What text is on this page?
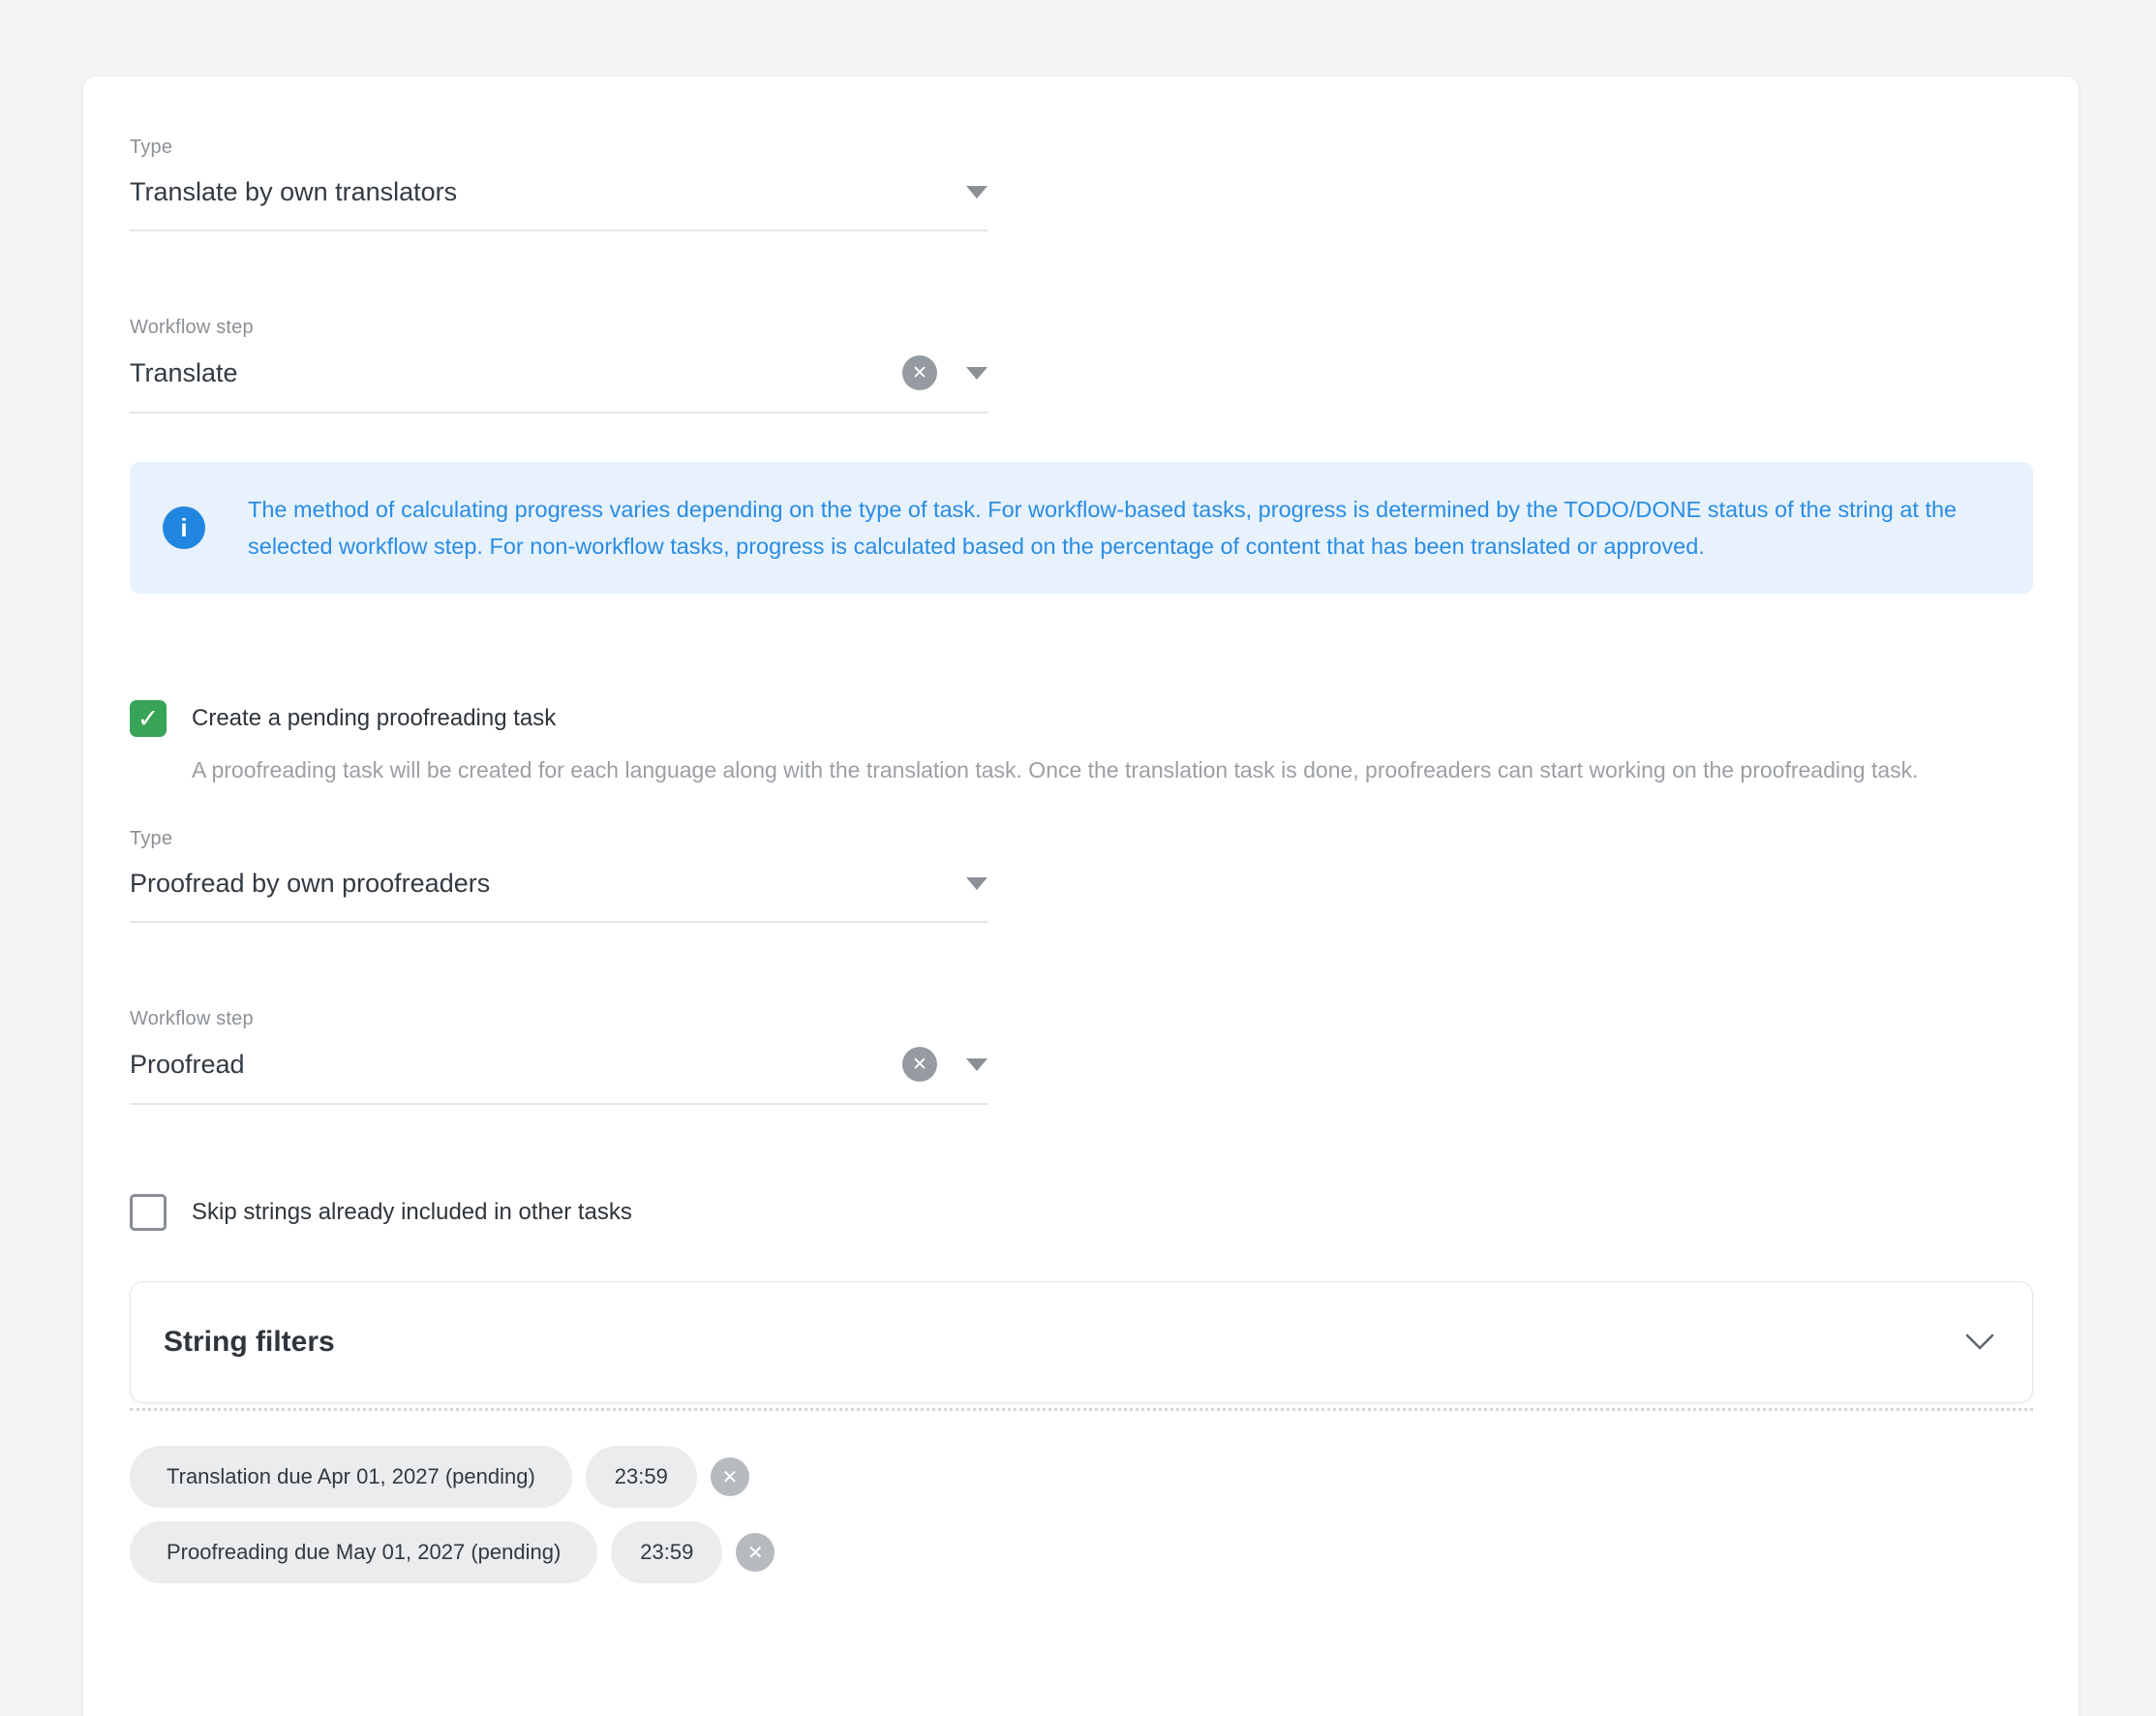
Type
Translate by own translators
Workflow step
Translate	✕
i
The method of calculating progress varies depending on the type of task. For workflow-based tasks, progress is determined by the TODO/DONE status of the string at the selected workflow step. For non-workflow tasks, progress is calculated based on the percentage of content that has been translated or approved.
✓	Create a pending proofreading task
A proofreading task will be created for each language along with the translation task. Once the translation task is done, proofreaders can start working on the proofreading task.
Type
Proofread by own proofreaders
Workflow step
Proofread	✕
Skip strings already included in other tasks
String filters
Translation due Apr 01, 2027 (pending)	23:59	✕
Proofreading due May 01, 2027 (pending)	23:59	✕
